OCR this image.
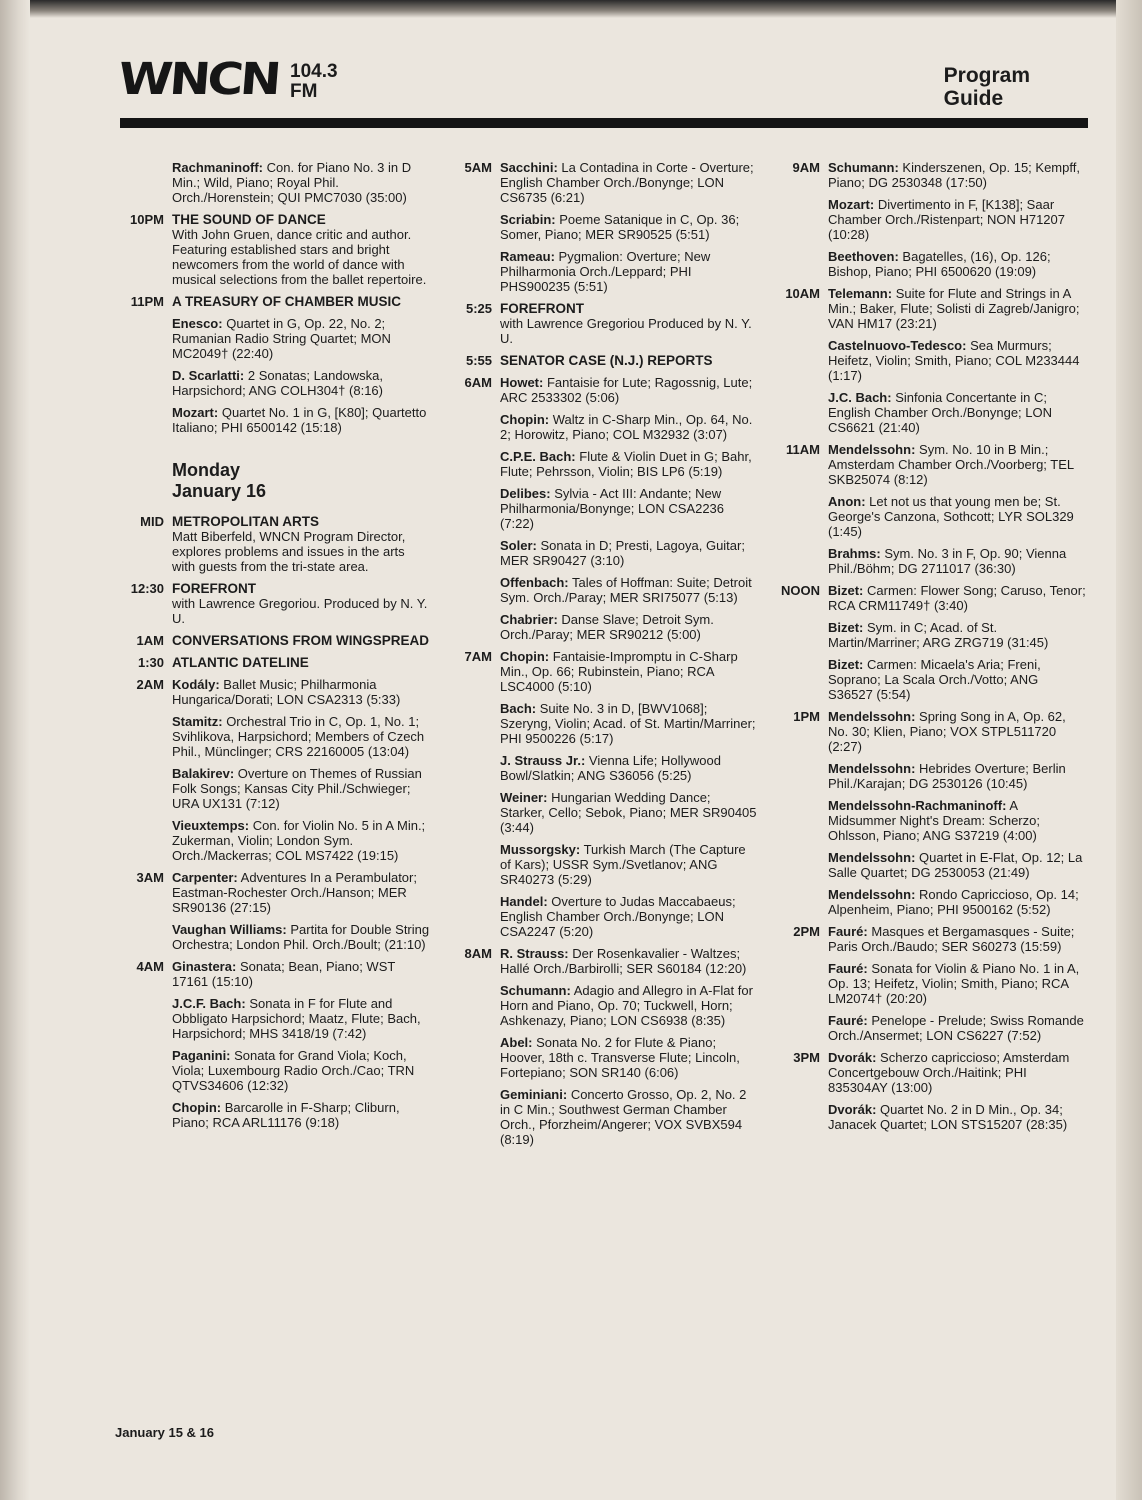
WNCN 104.3
FM
Program
Guide
Rachmaninoff: Con. for Piano No. 3 in D Min.; Wild, Piano; Royal Phil. Orch./Horenstein; QUI PMC7030 (35:00)
10PM THE SOUND OF DANCE
With John Gruen, dance critic and author. Featuring established stars and bright newcomers from the world of dance with musical selections from the ballet repertoire.
11PM A TREASURY OF CHAMBER MUSIC
Enesco: Quartet in G, Op. 22, No. 2; Rumanian Radio String Quartet; MON MC2049† (22:40)
D. Scarlatti: 2 Sonatas; Landowska, Harpsichord; ANG COLH304† (8:16)
Mozart: Quartet No. 1 in G, [K80]; Quartetto Italiano; PHI 6500142 (15:18)
Monday
January 16
MID METROPOLITAN ARTS
Matt Biberfeld, WNCN Program Director, explores problems and issues in the arts with guests from the tri-state area.
12:30 FOREFRONT
with Lawrence Gregoriou. Produced by N. Y. U.
1AM CONVERSATIONS FROM WINGSPREAD
1:30 ATLANTIC DATELINE
2AM Kodály: Ballet Music; Philharmonia Hungarica/Dorati; LON CSA2313 (5:33)
Stamitz: Orchestral Trio in C, Op. 1, No. 1; Svihlikova, Harpsichord; Members of Czech Phil., Münclinger; CRS 22160005 (13:04)
Balakirev: Overture on Themes of Russian Folk Songs; Kansas City Phil./Schwieger; URA UX131 (7:12)
Vieuxtemps: Con. for Violin No. 5 in A Min.; Zukerman, Violin; London Sym. Orch./Mackerras; COL MS7422 (19:15)
3AM Carpenter: Adventures In a Perambulator; Eastman-Rochester Orch./Hanson; MER SR90136 (27:15)
Vaughan Williams: Partita for Double String Orchestra; London Phil. Orch./Boult; (21:10)
4AM Ginastera: Sonata; Bean, Piano; WST 17161 (15:10)
J.C.F. Bach: Sonata in F for Flute and Obbligato Harpsichord; Maatz, Flute; Bach, Harpsichord; MHS 3418/19 (7:42)
Paganini: Sonata for Grand Viola; Koch, Viola; Luxembourg Radio Orch./Cao; TRN QTVS34606 (12:32)
Chopin: Barcarolle in F-Sharp; Cliburn, Piano; RCA ARL11176 (9:18)
5AM Sacchini: La Contadina in Corte - Overture; English Chamber Orch./Bonynge; LON CS6735 (6:21)
Scriabin: Poeme Satanique in C, Op. 36; Somer, Piano; MER SR90525 (5:51)
Rameau: Pygmalion: Overture; New Philharmonia Orch./Leppard; PHI PHS900235 (5:51)
5:25 FOREFRONT
with Lawrence Gregoriou Produced by N. Y. U.
5:55 SENATOR CASE (N.J.) REPORTS
6AM Howet: Fantaisie for Lute; Ragossnig, Lute; ARC 2533302 (5:06)
Chopin: Waltz in C-Sharp Min., Op. 64, No. 2; Horowitz, Piano; COL M32932 (3:07)
C.P.E. Bach: Flute & Violin Duet in G; Bahr, Flute; Pehrsson, Violin; BIS LP6 (5:19)
Delibes: Sylvia - Act III: Andante; New Philharmonia/Bonynge; LON CSA2236 (7:22)
Soler: Sonata in D; Presti, Lagoya, Guitar; MER SR90427 (3:10)
Offenbach: Tales of Hoffman: Suite; Detroit Sym. Orch./Paray; MER SRI75077 (5:13)
Chabrier: Danse Slave; Detroit Sym. Orch./Paray; MER SR90212 (5:00)
7AM Chopin: Fantaisie-Impromptu in C-Sharp Min., Op. 66; Rubinstein, Piano; RCA LSC4000 (5:10)
Bach: Suite No. 3 in D, [BWV1068]; Szeryng, Violin; Acad. of St. Martin/Marriner; PHI 9500226 (5:17)
J. Strauss Jr.: Vienna Life; Hollywood Bowl/Slatkin; ANG S36056 (5:25)
Weiner: Hungarian Wedding Dance; Starker, Cello; Sebok, Piano; MER SR90405 (3:44)
Mussorgsky: Turkish March (The Capture of Kars); USSR Sym./Svetlanov; ANG SR40273 (5:29)
Handel: Overture to Judas Maccabaeus; English Chamber Orch./Bonynge; LON CSA2247 (5:20)
8AM R. Strauss: Der Rosenkavalier - Waltzes; Hallé Orch./Barbirolli; SER S60184 (12:20)
Schumann: Adagio and Allegro in A-Flat for Horn and Piano, Op. 70; Tuckwell, Horn; Ashkenazy, Piano; LON CS6938 (8:35)
Abel: Sonata No. 2 for Flute & Piano; Hoover, 18th c. Transverse Flute; Lincoln, Fortepiano; SON SR140 (6:06)
Geminiani: Concerto Grosso, Op. 2, No. 2 in C Min.; Southwest German Chamber Orch., Pforzheim/Angerer; VOX SVBX594 (8:19)
9AM Schumann: Kinderszenen, Op. 15; Kempff, Piano; DG 2530348 (17:50)
Mozart: Divertimento in F, [K138]; Saar Chamber Orch./Ristenpart; NON H71207 (10:28)
Beethoven: Bagatelles, (16), Op. 126; Bishop, Piano; PHI 6500620 (19:09)
10AM Telemann: Suite for Flute and Strings in A Min.; Baker, Flute; Solisti di Zagreb/Janigro; VAN HM17 (23:21)
Castelnuovo-Tedesco: Sea Murmurs; Heifetz, Violin; Smith, Piano; COL M233444 (1:17)
J.C. Bach: Sinfonia Concertante in C; English Chamber Orch./Bonynge; LON CS6621 (21:40)
11AM Mendelssohn: Sym. No. 10 in B Min.; Amsterdam Chamber Orch./Voorberg; TEL SKB25074 (8:12)
Anon: Let not us that young men be; St. George's Canzona, Sothcott; LYR SOL329 (1:45)
Brahms: Sym. No. 3 in F, Op. 90; Vienna Phil./Böhm; DG 2711017 (36:30)
NOON Bizet: Carmen: Flower Song; Caruso, Tenor; RCA CRM11749† (3:40)
Bizet: Sym. in C; Acad. of St. Martin/Marriner; ARG ZRG719 (31:45)
Bizet: Carmen: Micaela's Aria; Freni, Soprano; La Scala Orch./Votto; ANG S36527 (5:54)
1PM Mendelssohn: Spring Song in A, Op. 62, No. 30; Klien, Piano; VOX STPL511720 (2:27)
Mendelssohn: Hebrides Overture; Berlin Phil./Karajan; DG 2530126 (10:45)
Mendelssohn-Rachmaninoff: A Midsummer Night's Dream: Scherzo; Ohlsson, Piano; ANG S37219 (4:00)
Mendelssohn: Quartet in E-Flat, Op. 12; La Salle Quartet; DG 2530053 (21:49)
Mendelssohn: Rondo Capriccioso, Op. 14; Alpenheim, Piano; PHI 9500162 (5:52)
2PM Fauré: Masques et Bergamasques - Suite; Paris Orch./Baudo; SER S60273 (15:59)
Fauré: Sonata for Violin & Piano No. 1 in A, Op. 13; Heifetz, Violin; Smith, Piano; RCA LM2074† (20:20)
Fauré: Penelope - Prelude; Swiss Romande Orch./Ansermet; LON CS6227 (7:52)
3PM Dvorák: Scherzo capriccioso; Amsterdam Concertgebouw Orch./Haitink; PHI 835304AY (13:00)
Dvorák: Quartet No. 2 in D Min., Op. 34; Janacek Quartet; LON STS15207 (28:35)
January 15 & 16
